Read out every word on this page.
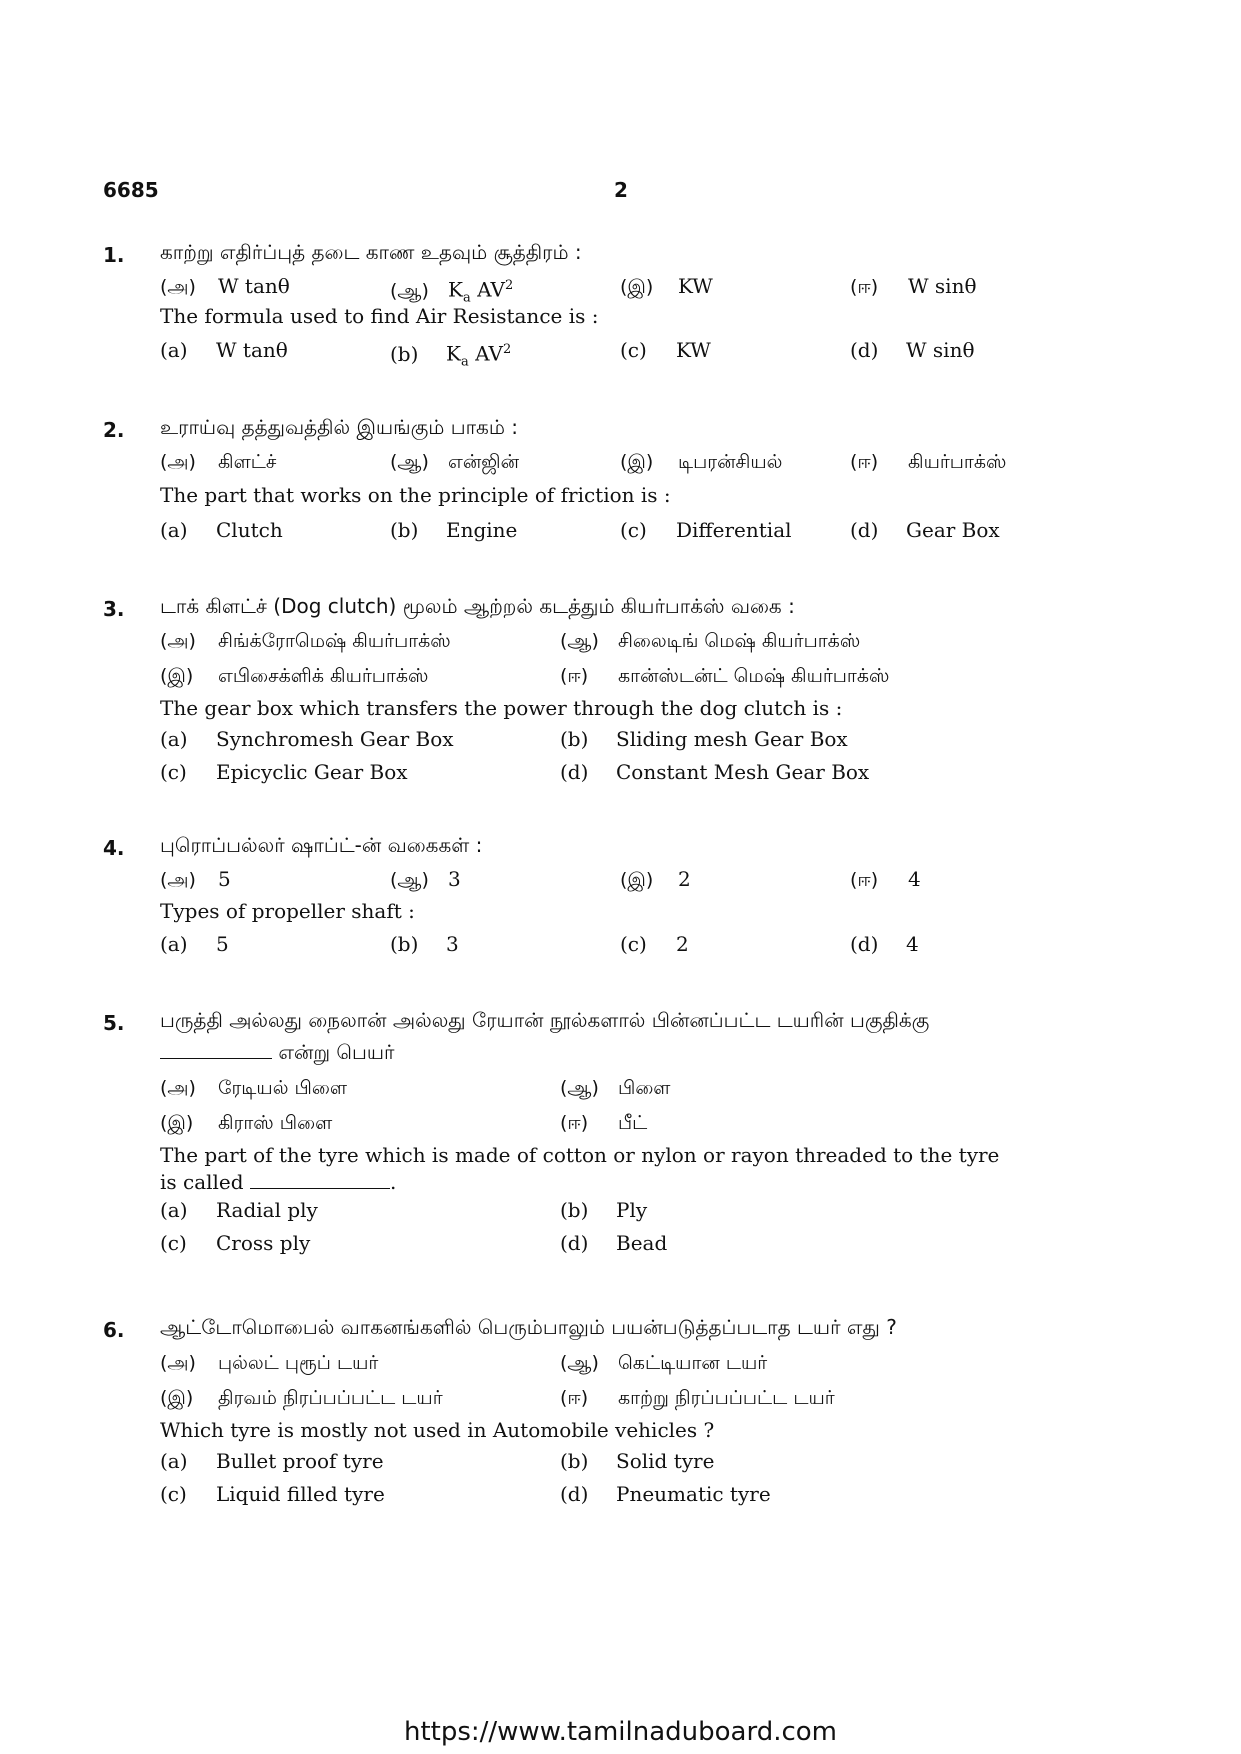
6685	2
1. காற்று எதிர்ப்புத் தடை காண உதவும் சூத்திரம் :
(அ) W tanθ	(ஆ) $K_a$ $AV^2$	(இ) KW	(ஈ) W sinθ
The formula used to find Air Resistance is :
(a) W tanθ	(b) $K_a$ $AV^2$	(c) KW	(d) W sinθ
2. உராய்வு தத்துவத்தில் இயங்கும் பாகம் :
(அ) கிளட்ச்	(ஆ) என்ஜின்	(இ) டிபரன்சியல்	(ஈ) கியர்பாக்ஸ்
The part that works on the principle of friction is :
(a) Clutch	(b) Engine	(c) Differential	(d) Gear Box
3. டாக் கிளட்ச் (Dog clutch) மூலம் ஆற்றல் கடத்தும் கியர்பாக்ஸ் வகை :
(அ) சிங்க்ரோமெஷ் கியர்பாக்ஸ்	(ஆ) சிலைடிங் மெஷ் கியர்பாக்ஸ்
(இ) எபிசைக்ளிக் கியர்பாக்ஸ்	(ஈ) கான்ஸ்டன்ட் மெஷ் கியர்பாக்ஸ்
The gear box which transfers the power through the dog clutch is :
(a) Synchromesh Gear Box	(b) Sliding mesh Gear Box
(c) Epicyclic Gear Box	(d) Constant Mesh Gear Box
4. புரொப்பல்லர் ஷாப்ட்-ன் வகைகள் :
(அ) 5	(ஆ) 3	(இ) 2	(ஈ) 4
Types of propeller shaft :
(a) 5	(b) 3	(c) 2	(d) 4
5. பருத்தி அல்லது நைலான் அல்லது ரேயான் நூல்களால் பின்னப்பட்ட டயரின் பகுதிக்கு
என்று பெயர்
(அ) ரேடியல் பிளை	(ஆ) பிளை
(இ) கிராஸ் பிளை	(ஈ) பீட்
The part of the tyre which is made of cotton or nylon or rayon threaded to the tyre
is called	.
(a) Radial ply	(b) Ply
(c) Cross ply	(d) Bead
6. ஆட்டோமொபைல் வாகனங்களில் பெரும்பாலும் பயன்படுத்தப்படாத டயர் எது ?
(அ) புல்லட் புரூப் டயர்	(ஆ) கெட்டியான டயர்
(இ) திரவம் நிரப்பப்பட்ட டயர்	(ஈ) காற்று நிரப்பப்பட்ட டயர்
Which tyre is mostly not used in Automobile vehicles ?
(a) Bullet proof tyre	(b) Solid tyre
(c) Liquid filled tyre	(d) Pneumatic tyre
https://www.tamilnaduboard.com
